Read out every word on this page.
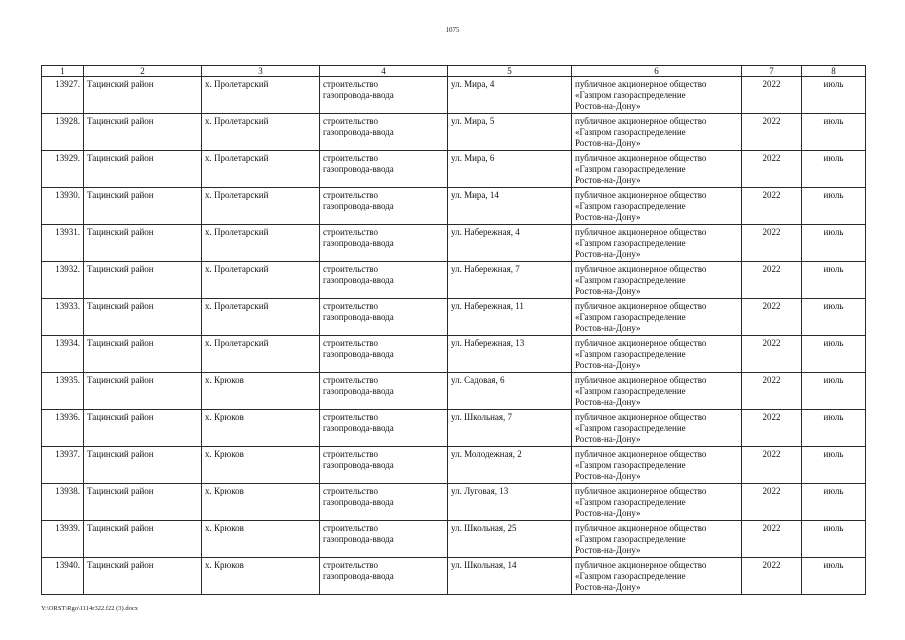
1075
1	2	3	4	5	6	7	8
13927.	Тацинский район	х. Пролетарский	строительство
газопровода-ввода	ул. Мира, 4	публичное акционерное общество
«Газпром газораспределение
Ростов-на-Дону»	2022	июль
13928.	Тацинский район	х. Пролетарский	строительство
газопровода-ввода	ул. Мира, 5	публичное акционерное общество
«Газпром газораспределение
Ростов-на-Дону»	2022	июль
13929.	Тацинский район	х. Пролетарский	строительство
газопровода-ввода	ул. Мира, 6	публичное акционерное общество
«Газпром газораспределение
Ростов-на-Дону»	2022	июль
13930.	Тацинский район	х. Пролетарский	строительство
газопровода-ввода	ул. Мира, 14	публичное акционерное общество
«Газпром газораспределение
Ростов-на-Дону»	2022	июль
13931.	Тацинский район	х. Пролетарский	строительство
газопровода-ввода	ул. Набережная, 4	публичное акционерное общество
«Газпром газораспределение
Ростов-на-Дону»	2022	июль
13932.	Тацинский район	х. Пролетарский	строительство
газопровода-ввода	ул. Набережная, 7	публичное акционерное общество
«Газпром газораспределение
Ростов-на-Дону»	2022	июль
13933.	Тацинский район	х. Пролетарский	строительство
газопровода-ввода	ул. Набережная, 11	публичное акционерное общество
«Газпром газораспределение
Ростов-на-Дону»	2022	июль
13934.	Тацинский район	х. Пролетарский	строительство
газопровода-ввода	ул. Набережная, 13	публичное акционерное общество
«Газпром газораспределение
Ростов-на-Дону»	2022	июль
13935.	Тацинский район	х. Крюков	строительство
газопровода-ввода	ул. Садовая, 6	публичное акционерное общество
«Газпром газораспределение
Ростов-на-Дону»	2022	июль
13936.	Тацинский район	х. Крюков	строительство
газопровода-ввода	ул. Школьная, 7	публичное акционерное общество
«Газпром газораспределение
Ростов-на-Дону»	2022	июль
13937.	Тацинский район	х. Крюков	строительство
газопровода-ввода	ул. Молодежная, 2	публичное акционерное общество
«Газпром газораспределение
Ростов-на-Дону»	2022	июль
13938.	Тацинский район	х. Крюков	строительство
газопровода-ввода	ул. Луговая, 13	публичное акционерное общество
«Газпром газораспределение
Ростов-на-Дону»	2022	июль
13939.	Тацинский район	х. Крюков	строительство
газопровода-ввода	ул. Школьная, 25	публичное акционерное общество
«Газпром газораспределение
Ростов-на-Дону»	2022	июль
13940.	Тацинский район	х. Крюков	строительство
газопровода-ввода	ул. Школьная, 14	публичное акционерное общество
«Газпром газораспределение
Ростов-на-Дону»	2022	июль
Y:\ORST\Rgo\1114r322.f22 (3).docx
